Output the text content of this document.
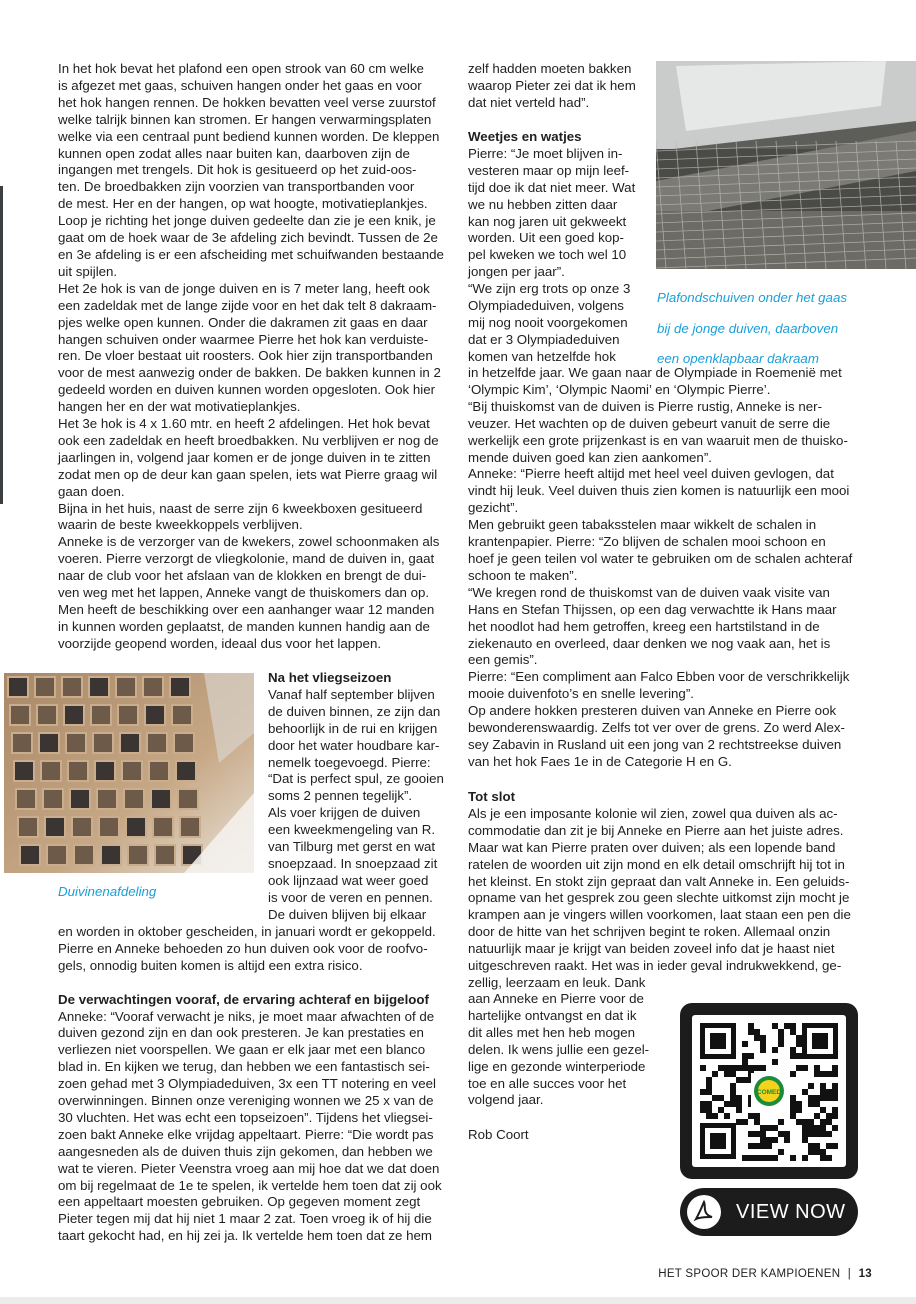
In het hok bevat het plafond een open strook van 60 cm welke

is afgezet met gaas, schuiven hangen onder het gaas en voor

het hok hangen rennen. De hokken bevatten veel verse zuurstof

welke talrijk binnen kan stromen. Er hangen verwarmingsplaten

welke via een centraal punt bediend kunnen worden. De kleppen

kunnen open zodat alles naar buiten kan, daarboven zijn de

ingangen met trengels. Dit hok is gesitueerd op het zuid-oos-

ten. De broedbakken zijn voorzien van transportbanden voor

de mest. Her en der hangen, op wat hoogte, motivatieplankjes.

Loop je richting het jonge duiven gedeelte dan zie je een knik, je

gaat om de hoek waar de 3e afdeling zich bevindt. Tussen de 2e

en 3e afdeling is er een afscheiding met schuifwanden bestaande

uit spijlen.

Het 2e hok is van de jonge duiven en is 7 meter lang, heeft ook

een zadeldak met de lange zijde voor en het dak telt 8 dakraam-

pjes welke open kunnen. Onder die dakramen zit gaas en daar

hangen schuiven onder waarmee Pierre het hok kan verduiste-

ren. De vloer bestaat uit roosters. Ook hier zijn transportbanden

voor de mest aanwezig onder de bakken. De bakken kunnen in 2

gedeeld worden en duiven kunnen worden opgesloten. Ook hier

hangen her en der wat motivatieplankjes.

Het 3e hok is 4 x 1.60 mtr. en heeft 2 afdelingen. Het hok bevat

ook een zadeldak en heeft broedbakken. Nu verblijven er nog de

jaarlingen in, volgend jaar komen er de jonge duiven in te zitten

zodat men op de deur kan gaan spelen, iets wat Pierre graag wil

gaan doen.

Bijna in het huis, naast de serre zijn 6 kweekboxen gesitueerd

waarin de beste kweekkoppels verblijven.

Anneke is de verzorger van de kwekers, zowel schoonmaken als

voeren. Pierre verzorgt de vliegkolonie, mand de duiven in, gaat

naar de club voor het afslaan van de klokken en brengt de dui-

ven weg met het lappen, Anneke vangt de thuiskomers dan op.

Men heeft de beschikking over een aanhanger waar 12 manden

in kunnen worden geplaatst, de manden kunnen handig aan de

voorzijde geopend worden, ideaal dus voor het lappen.

Duivinenafdeling

Na het vliegseizoen

Vanaf half september blijven

de duiven binnen, ze zijn dan

behoorlijk in de rui en krijgen

door het water houdbare kar-

nemelk toegevoegd. Pierre:

“Dat is perfect spul, ze gooien

soms 2 pennen tegelijk”.

Als voer krijgen de duiven

een kweekmengeling van R.

van Tilburg met gerst en wat

snoepzaad. In snoepzaad zit

ook lijnzaad wat weer goed

is voor de veren en pennen.

De duiven blijven bij elkaar

en worden in oktober gescheiden, in januari wordt er gekoppeld.

Pierre en Anneke behoeden zo hun duiven ook voor de roofvo-

gels, onnodig buiten komen is altijd een extra risico.

De verwachtingen vooraf, de ervaring achteraf en bijgeloof

Anneke: “Vooraf verwacht je niks, je moet maar afwachten of de

duiven gezond zijn en dan ook presteren. Je kan prestaties en

verliezen niet voorspellen. We gaan er elk jaar met een blanco

blad in. En kijken we terug, dan hebben we een fantastisch sei-

zoen gehad met 3 Olympiadeduiven, 3x een TT notering en veel

overwinningen. Binnen onze vereniging wonnen we 25 x van de

30 vluchten. Het was echt een topseizoen”. Tijdens het vliegsei-

zoen bakt Anneke elke vrijdag appeltaart. Pierre: “Die wordt pas

aangesneden als de duiven thuis zijn gekomen, dan hebben we

wat te vieren. Pieter Veenstra vroeg aan mij hoe dat we dat doen

om bij regelmaat de 1e te spelen, ik vertelde hem toen dat zij ook

een appeltaart moesten gebruiken. Op gegeven moment zegt

Pieter tegen mij dat hij niet 1 maar 2 zat. Toen vroeg ik of hij die

taart gekocht had, en hij zei ja. Ik vertelde hem toen dat ze hem

zelf hadden moeten bakken

waarop Pieter zei dat ik hem

dat niet verteld had”.

Plafondschuiven onder het gaas

bij de jonge duiven, daarboven

een openklapbaar dakraam

Weetjes en watjes

Pierre: “Je moet blijven in-

vesteren maar op mijn leef-

tijd doe ik dat niet meer. Wat

we nu hebben zitten daar

kan nog jaren uit gekweekt

worden. Uit een goed kop-

pel kweken we toch wel 10

jongen per jaar”.

“We zijn erg trots op onze 3

Olympiadeduiven, volgens

mij nog nooit voorgekomen

dat er 3 Olympiadeduiven

komen van hetzelfde hok

in hetzelfde jaar. We gaan naar de Olympiade in Roemenië met

‘Olympic Kim’, ‘Olympic Naomi’ en ‘Olympic Pierre’.

“Bij thuiskomst van de duiven is Pierre rustig, Anneke is ner-

veuzer. Het wachten op de duiven gebeurt vanuit de serre die

werkelijk een grote prijzenkast is en van waaruit men de thuisko-

mende duiven goed kan zien aankomen”.

Anneke: “Pierre heeft altijd met heel veel duiven gevlogen, dat

vindt hij leuk. Veel duiven thuis zien komen is natuurlijk een mooi

gezicht”.

Men gebruikt geen tabaksstelen maar wikkelt de schalen in

krantenpapier. Pierre: “Zo blijven de schalen mooi schoon en

hoef je geen teilen vol water te gebruiken om de schalen achteraf

schoon te maken”.

“We kregen rond de thuiskomst van de duiven vaak visite van

Hans en Stefan Thijssen, op een dag verwachtte ik Hans maar

het noodlot had hem getroffen, kreeg een hartstilstand in de

ziekenauto en overleed, daar denken we nog vaak aan, het is

een gemis”.

Pierre: “Een compliment aan Falco Ebben voor de verschrikkelijk

mooie duivenfoto’s en snelle levering”.

Op andere hokken presteren duiven van Anneke en Pierre ook

bewonderenswaardig. Zelfs tot ver over de grens. Zo werd Alex-

sey Zabavin in Rusland uit een jong van 2 rechtstreekse duiven

van het hok Faes 1e in de Categorie H en G.

Tot slot

Als je een imposante kolonie wil zien, zowel qua duiven als ac-

commodatie dan zit je bij Anneke en Pierre aan het juiste adres.

Maar wat kan Pierre praten over duiven; als een lopende band

ratelen de woorden uit zijn mond en elk detail omschrijft hij tot in

het kleinst. En stokt zijn gepraat dan valt Anneke in. Een geluids-

opname van het gesprek zou geen slechte uitkomst zijn mocht je

krampen aan je vingers willen voorkomen, laat staan een pen die

door de hitte van het schrijven begint te roken. Allemaal onzin

natuurlijk maar je krijgt van beiden zoveel info dat je haast niet

uitgeschreven raakt. Het was in ieder geval indrukwekkend, ge-

zellig, leerzaam en leuk. Dank

aan Anneke en Pierre voor de

hartelijke ontvangst en dat ik

dit alles met hen heb mogen

delen. Ik wens jullie een gezel-

lige en gezonde winterperiode

toe en alle succes voor het

volgend jaar.

Rob Coort
COMED
VIEW NOW
HET SPOOR DER KAMPIOENEN | 13
